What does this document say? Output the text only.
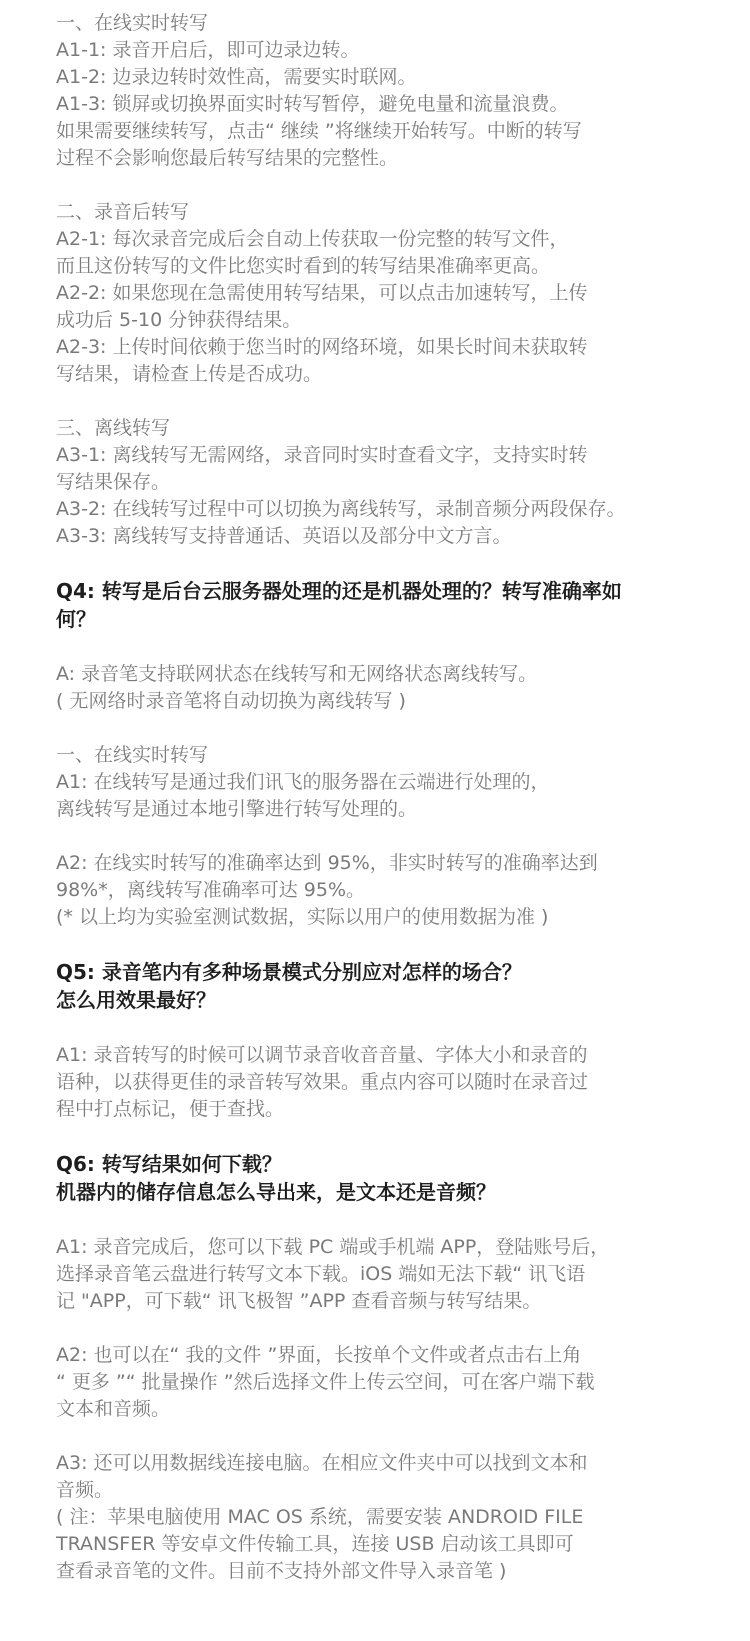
一、在线实时转写

A1-1: 录音开启后，即可边录边转。

A1-2: 边录边转时效性高，需要实时联网。

A1-3: 锁屏或切换界面实时转写暂停，避免电量和流量浪费。

如果需要继续转写，点击“ 继续 ”将继续开始转写。中断的转写

过程不会影响您最后转写结果的完整性。

二、录音后转写

A2-1: 每次录音完成后会自动上传获取一份完整的转写文件，

而且这份转写的文件比您实时看到的转写结果准确率更高。

A2-2: 如果您现在急需使用转写结果，可以点击加速转写，上传

成功后 5-10 分钟获得结果。

A2-3: 上传时间依赖于您当时的网络环境，如果长时间未获取转

写结果，请检查上传是否成功。

三、离线转写

A3-1: 离线转写无需网络，录音同时实时查看文字，支持实时转

写结果保存。

A3-2: 在线转写过程中可以切换为离线转写，录制音频分两段保存。

A3-3: 离线转写支持普通话、英语以及部分中文方言。

Q4: 转写是后台云服务器处理的还是机器处理的？转写准确率如

何？

A: 录音笔支持联网状态在线转写和无网络状态离线转写。

( 无网络时录音笔将自动切换为离线转写 )

一、在线实时转写

A1: 在线转写是通过我们讯飞的服务器在云端进行处理的，

离线转写是通过本地引擎进行转写处理的。

A2: 在线实时转写的准确率达到 95%，非实时转写的准确率达到

98%*，离线转写准确率可达 95%。

(* 以上均为实验室测试数据，实际以用户的使用数据为准 )

Q5: 录音笔内有多种场景模式分别应对怎样的场合？

怎么用效果最好？

A1: 录音转写的时候可以调节录音收音音量、字体大小和录音的

语种，以获得更佳的录音转写效果。重点内容可以随时在录音过

程中打点标记，便于查找。

Q6: 转写结果如何下载？

机器内的储存信息怎么导出来，是文本还是音频？

A1: 录音完成后，您可以下载 PC 端或手机端 APP，登陆账号后，

选择录音笔云盘进行转写文本下载。iOS 端如无法下载“ 讯飞语

记 "APP，可下载“ 讯飞极智 ”APP 查看音频与转写结果。

A2: 也可以在“ 我的文件 ”界面，长按单个文件或者点击右上角

“ 更多 ”“ 批量操作 ”然后选择文件上传云空间，可在客户端下载

文本和音频。

A3: 还可以用数据线连接电脑。在相应文件夹中可以找到文本和

音频。

( 注：苹果电脑使用 MAC OS 系统，需要安装 ANDROID FILE

TRANSFER 等安卓文件传输工具，连接 USB 启动该工具即可

查看录音笔的文件。目前不支持外部文件导入录音笔 )
